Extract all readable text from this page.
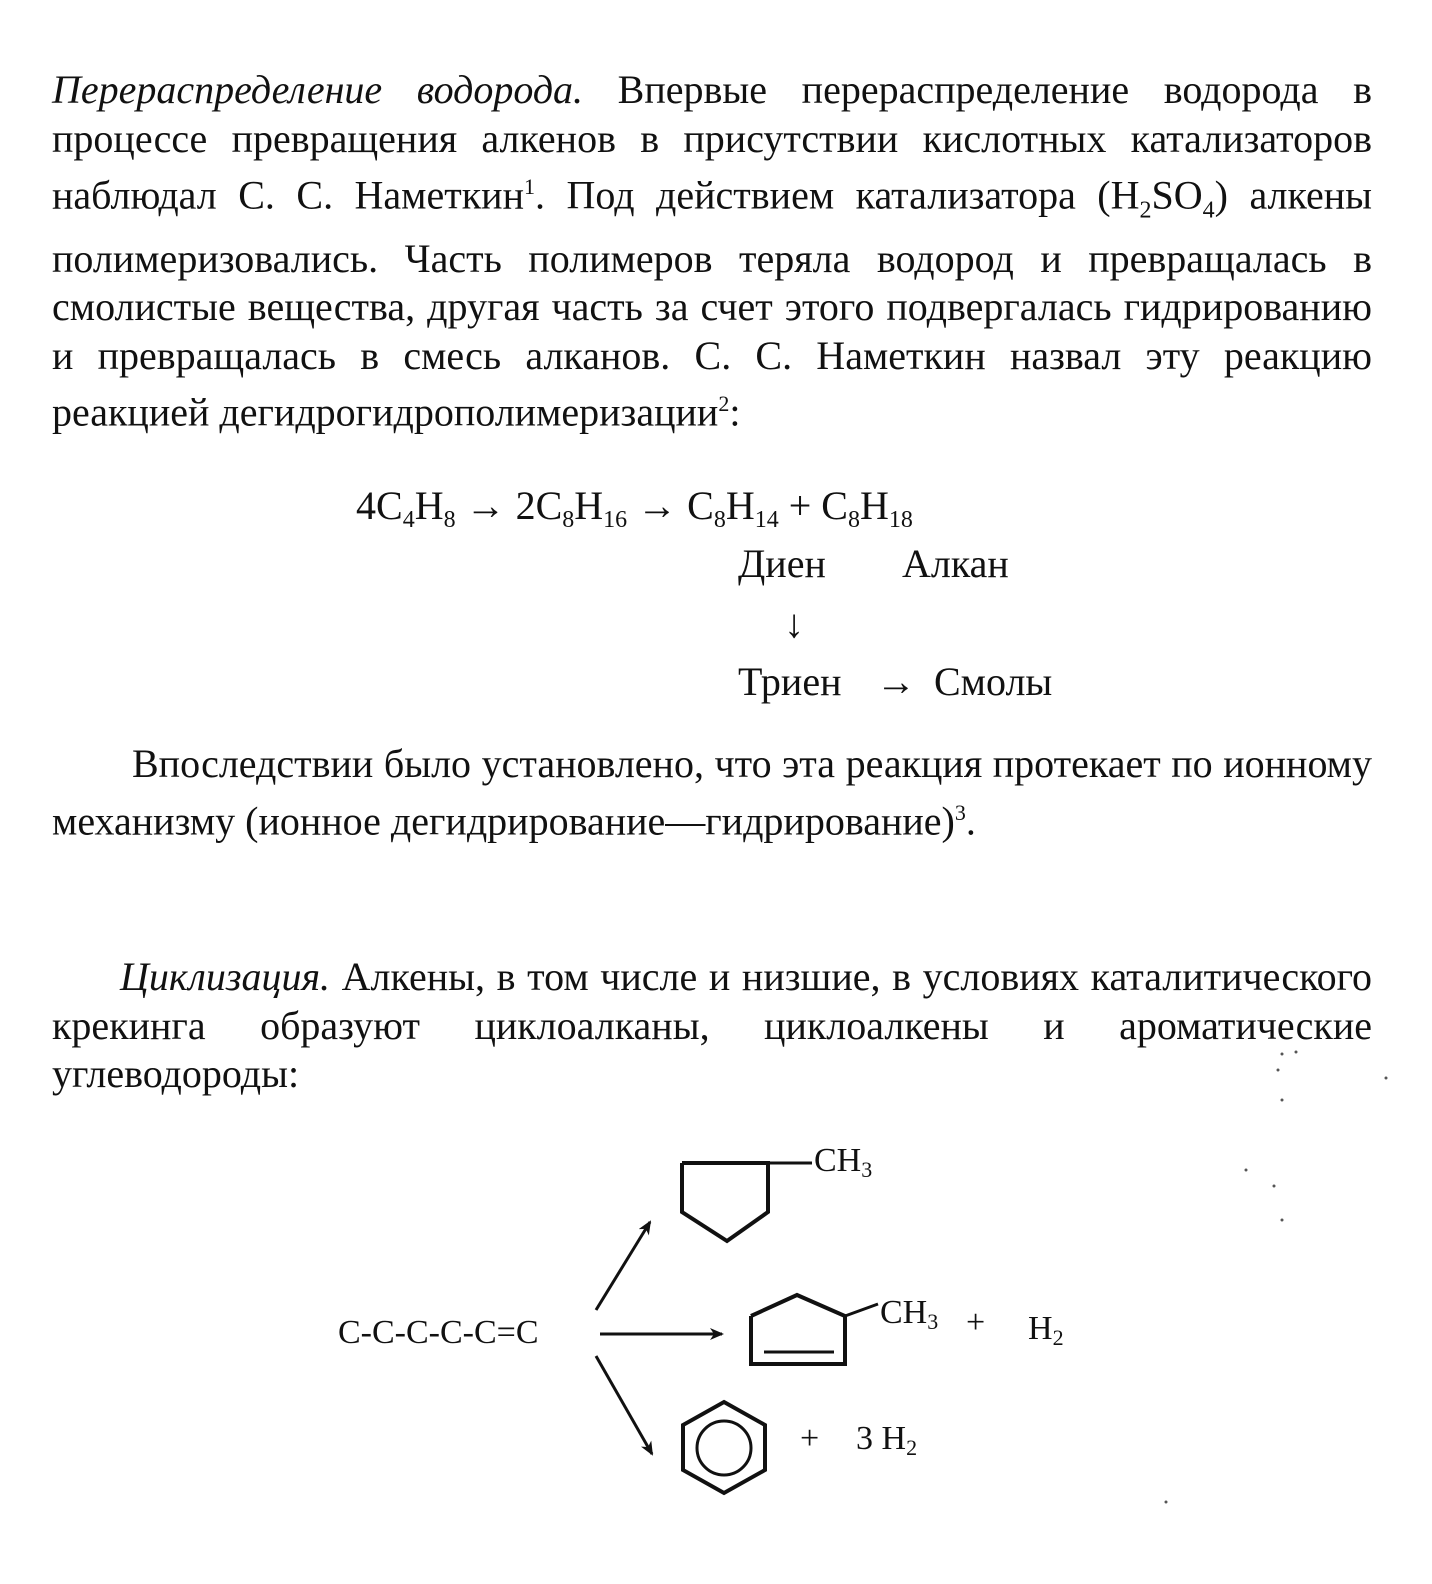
Перераспределение водорода. Впервые перераспределение водорода в процессе превращения алкенов в присутствии кислотных катализаторов наблюдал С. С. Наметкин$^1$. Под действием катализатора $(H_2SO_4)$ алкены полимеризовались. Часть полимеров теряла водород и превращалась в смолистые вещества, другая часть за счет этого подвергалась гидрированию и превращалась в смесь алканов. С. С. Наметкин назвал эту реакцию реакцией дегидрогидрополимеризации$^2$:
$4C_4H_8 \to 2C_8H_{16} \to C_8H_{14} + C_8H_{18}$
Диен Алкан
↓
Триен → Смолы
Впоследствии было установлено, что эта реакция протекает по ионному механизму (ионное дегидрирование—гидрирование)$^3$.
Циклизация. Алкены, в том числе и низшие, в условиях каталитического крекинга образуют циклоалканы, циклоалкены и ароматические углеводороды:
C-C-C-C-C=C
$CH_3$
$CH_3 + H_2$
+ 3 $H_2$
